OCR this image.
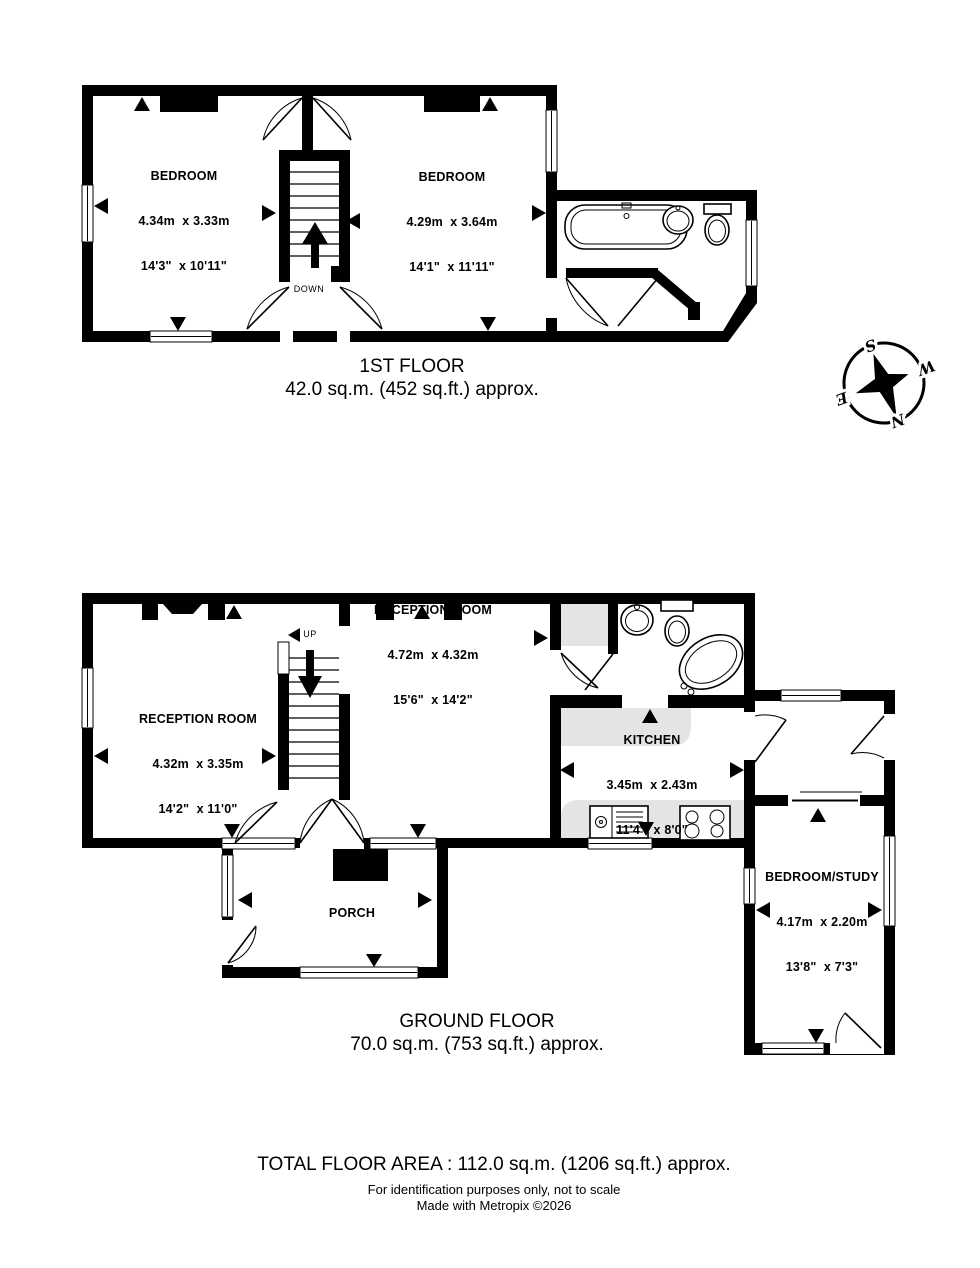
N
E
S
W

BEDROOM

4.34m  x 3.33m

14'3"  x 10'11"

BEDROOM

4.29m  x 3.64m

14'1"  x 11'11"

DOWN
1ST FLOOR
42.0 sq.m. (452 sq.ft.) approx.

RECEPTION ROOM

4.72m  x 4.32m

15'6"  x 14'2"

RECEPTION ROOM

4.32m  x 3.35m

14'2"  x 11'0"

KITCHEN

3.45m  x 2.43m

11'4"  x 8'0"

PORCH

BEDROOM/STUDY

4.17m  x 2.20m

13'8"  x 7'3"

UP
GROUND FLOOR
70.0 sq.m. (753 sq.ft.) approx.
TOTAL FLOOR AREA : 112.0 sq.m. (1206 sq.ft.) approx.
For identification purposes only, not to scale
Made with Metropix ©2026
